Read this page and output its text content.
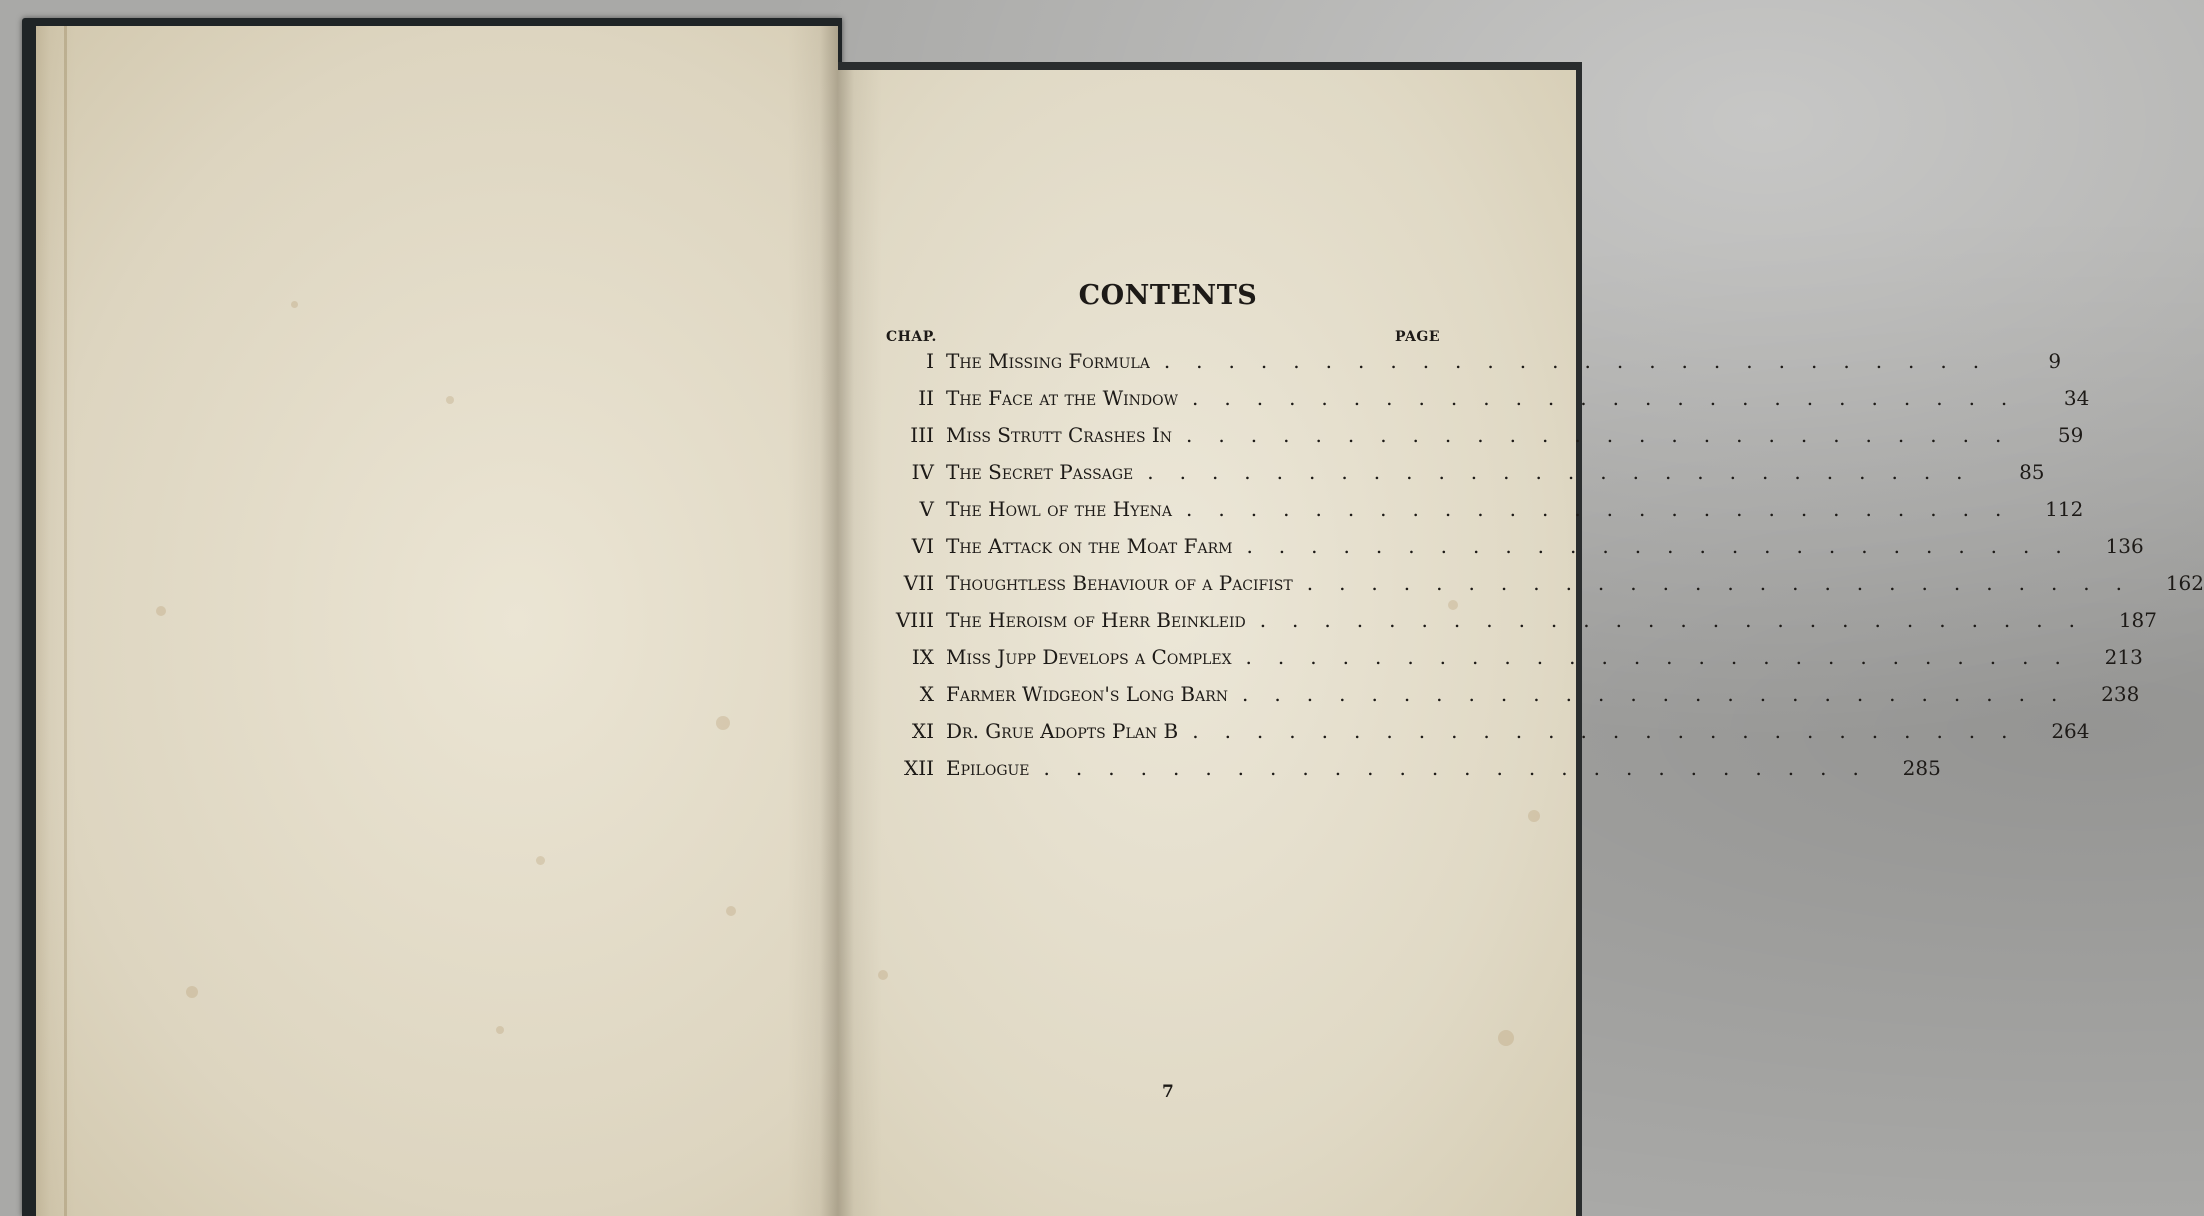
CONTENTS
CHAP.	PAGE
I The Missing Formula ..........................	9
II The Face at the Window ..........................	34
III Miss Strutt Crashes In ..........................	59
IV The Secret Passage ..........................	85
V The Howl of the Hyena .......................... 112
VI The Attack on the Moat Farm .......................... 136
VII Thoughtless Behaviour of a Pacifist .......................... 162
VIII The Heroism of Herr Beinkleid .......................... 187
IX Miss Jupp Develops a Complex .......................... 213
X Farmer Widgeon's Long Barn .......................... 238
XI Dr. Grue Adopts Plan B .......................... 264
XII Epilogue .......................... 285
7
